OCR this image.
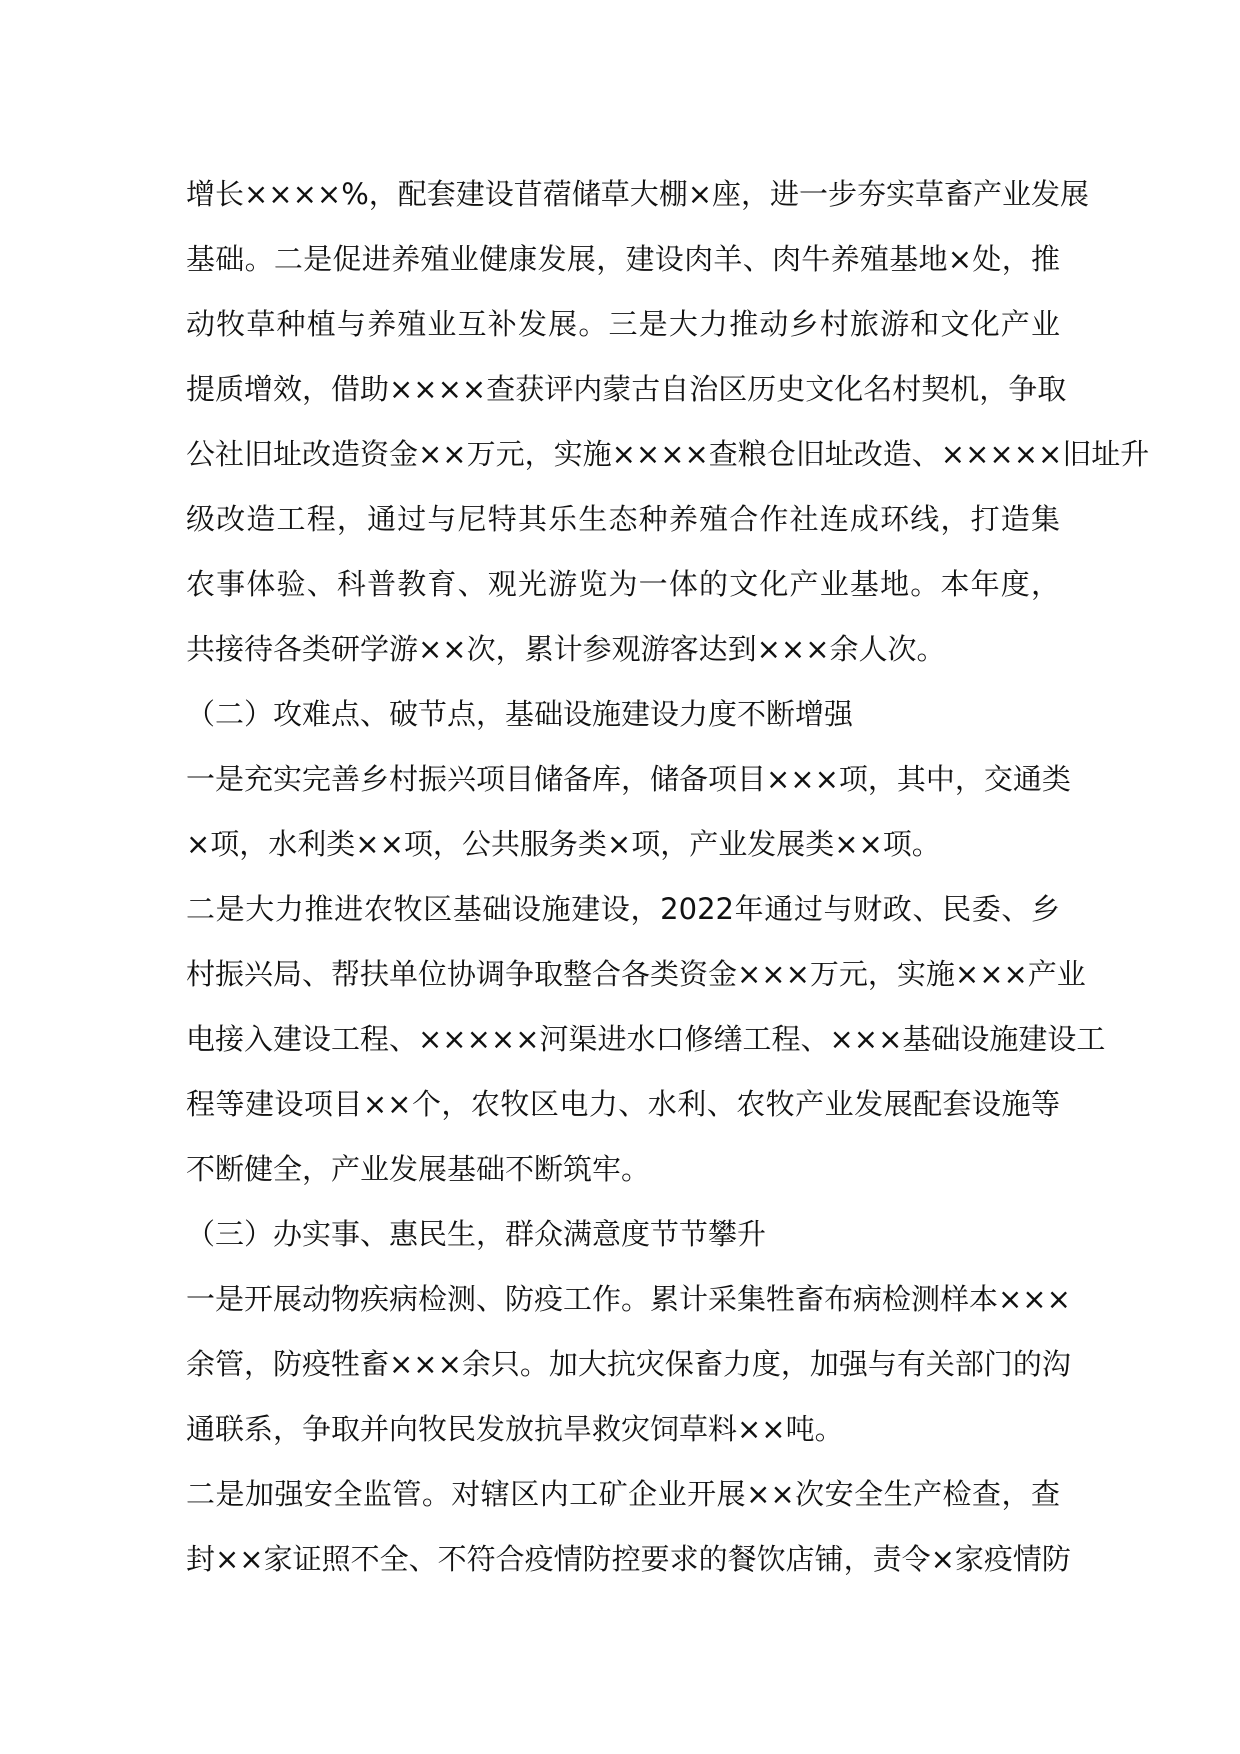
增长××××%，配套建设苜蓿储草大棚×座，进一步夯实草畜产业发展
基础。二是促进养殖业健康发展，建设肉羊、肉牛养殖基地×处，推
动牧草种植与养殖业互补发展。三是大力推动乡村旅游和文化产业
提质增效，借助××××查获评内蒙古自治区历史文化名村契机，争取
公社旧址改造资金××万元，实施××××查粮仓旧址改造、×××××旧址升
级改造工程，通过与尼特其乐生态种养殖合作社连成环线，打造集
农事体验、科普教育、观光游览为一体的文化产业基地。本年度，
共接待各类研学游××次，累计参观游客达到×××余人次。
（二）攻难点、破节点，基础设施建设力度不断增强
一是充实完善乡村振兴项目储备库，储备项目×××项，其中，交通类
×项，水利类××项，公共服务类×项，产业发展类××项。
二是大力推进农牧区基础设施建设，2022年通过与财政、民委、乡
村振兴局、帮扶单位协调争取整合各类资金×××万元，实施×××产业
电接入建设工程、×××××河渠进水口修缮工程、×××基础设施建设工
程等建设项目××个，农牧区电力、水利、农牧产业发展配套设施等
不断健全，产业发展基础不断筑牢。
（三）办实事、惠民生，群众满意度节节攀升
一是开展动物疾病检测、防疫工作。累计采集牲畜布病检测样本×××
余管，防疫牲畜×××余只。加大抗灾保畜力度，加强与有关部门的沟
通联系，争取并向牧民发放抗旱救灾饲草料××吨。
二是加强安全监管。对辖区内工矿企业开展××次安全生产检查，查
封××家证照不全、不符合疫情防控要求的餐饮店铺，责令×家疫情防
